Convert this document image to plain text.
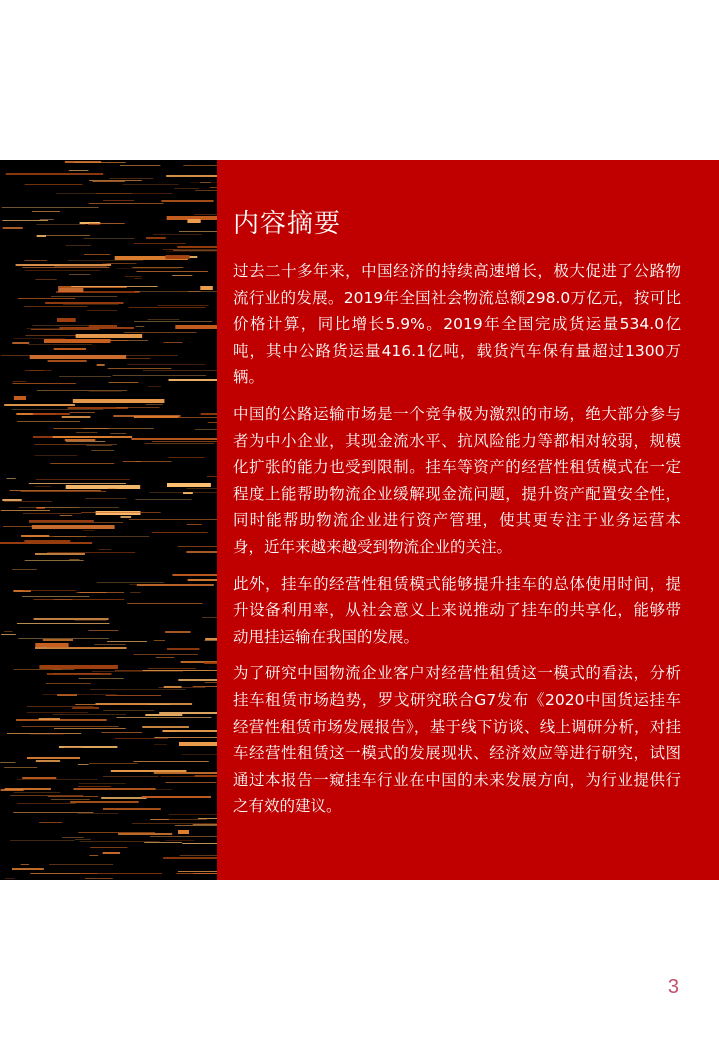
内容摘要

过去二十多年来，中国经济的持续高速增长，极大促进了公路物流行业的发展。2019年全国社会物流总额298.0万亿元，按可比价格计算，同比增长5.9%。2019年全国完成货运量534.0亿吨，其中公路货运量416.1亿吨，载货汽车保有量超过1300万辆。

中国的公路运输市场是一个竞争极为激烈的市场，绝大部分参与者为中小企业，其现金流水平、抗风险能力等都相对较弱，规模化扩张的能力也受到限制。挂车等资产的经营性租赁模式在一定程度上能帮助物流企业缓解现金流问题，提升资产配置安全性，同时能帮助物流企业进行资产管理，使其更专注于业务运营本身，近年来越来越受到物流企业的关注。

此外，挂车的经营性租赁模式能够提升挂车的总体使用时间，提升设备利用率，从社会意义上来说推动了挂车的共享化，能够带动甩挂运输在我国的发展。

为了研究中国物流企业客户对经营性租赁这一模式的看法，分析挂车租赁市场趋势，罗戈研究联合G7发布《2020中国货运挂车经营性租赁市场发展报告》，基于线下访谈、线上调研分析，对挂车经营性租赁这一模式的发展现状、经济效应等进行研究，试图通过本报告一窥挂车行业在中国的未来发展方向，为行业提供行之有效的建议。

3
